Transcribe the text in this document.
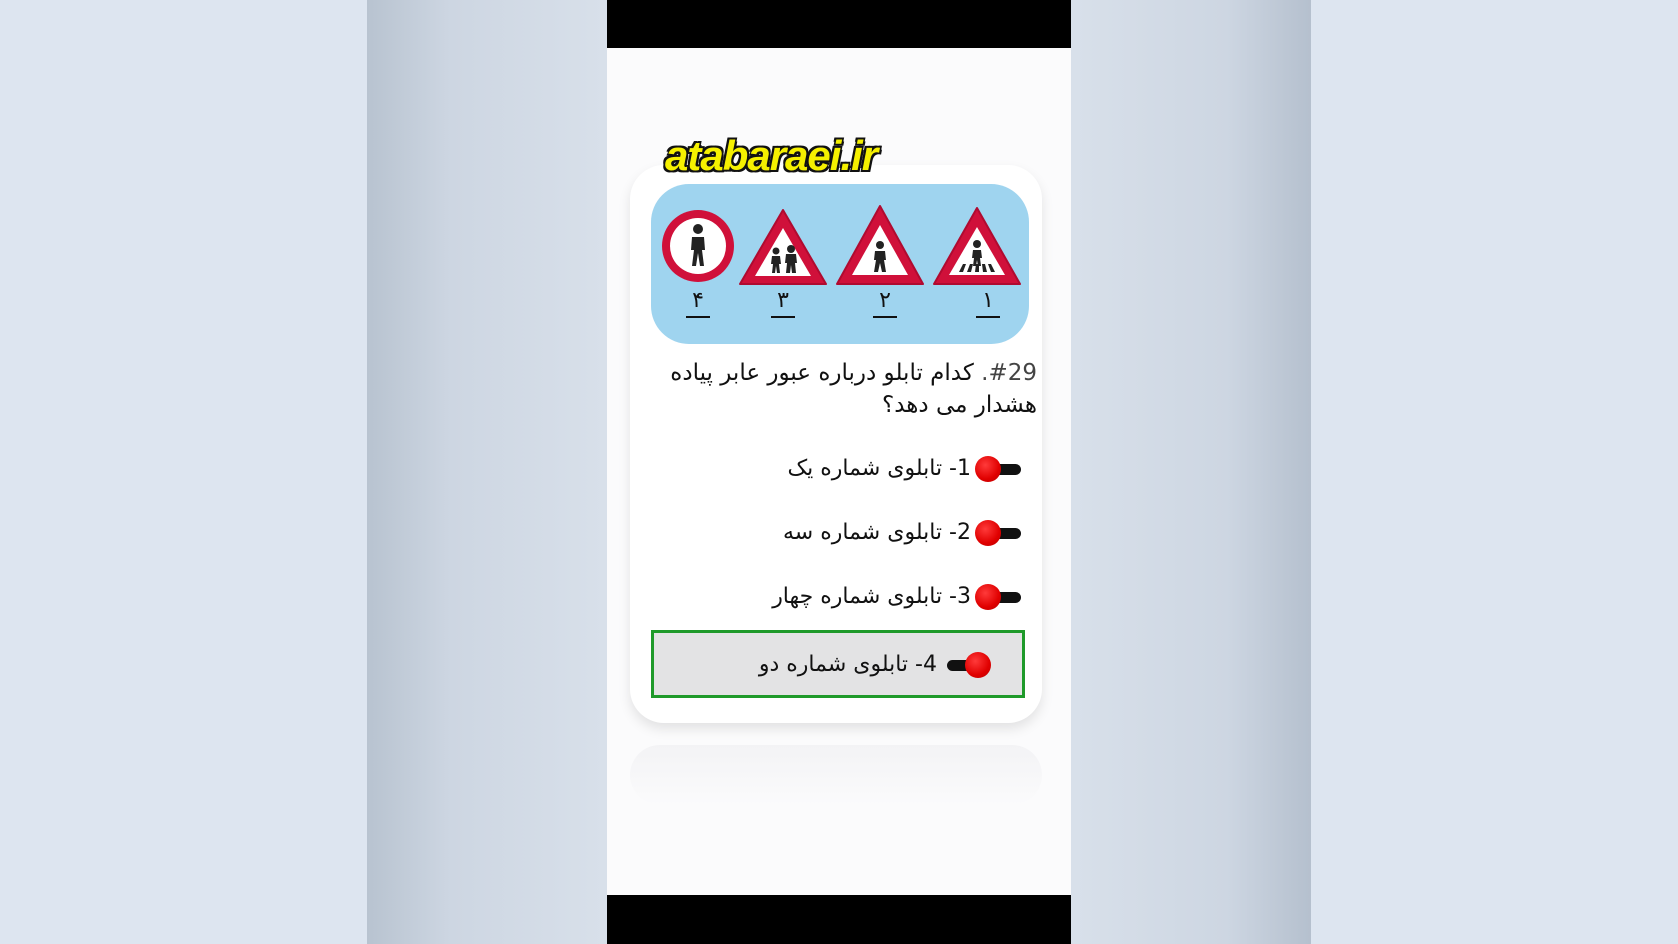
atabaraei.ir
۴	۳	۲	۱
#29. کدام تابلو درباره عبور عابر پیاده هشدار می دهد؟
1- تابلوی شماره یک
2- تابلوی شماره سه
3- تابلوی شماره چهار
4- تابلوی شماره دو
